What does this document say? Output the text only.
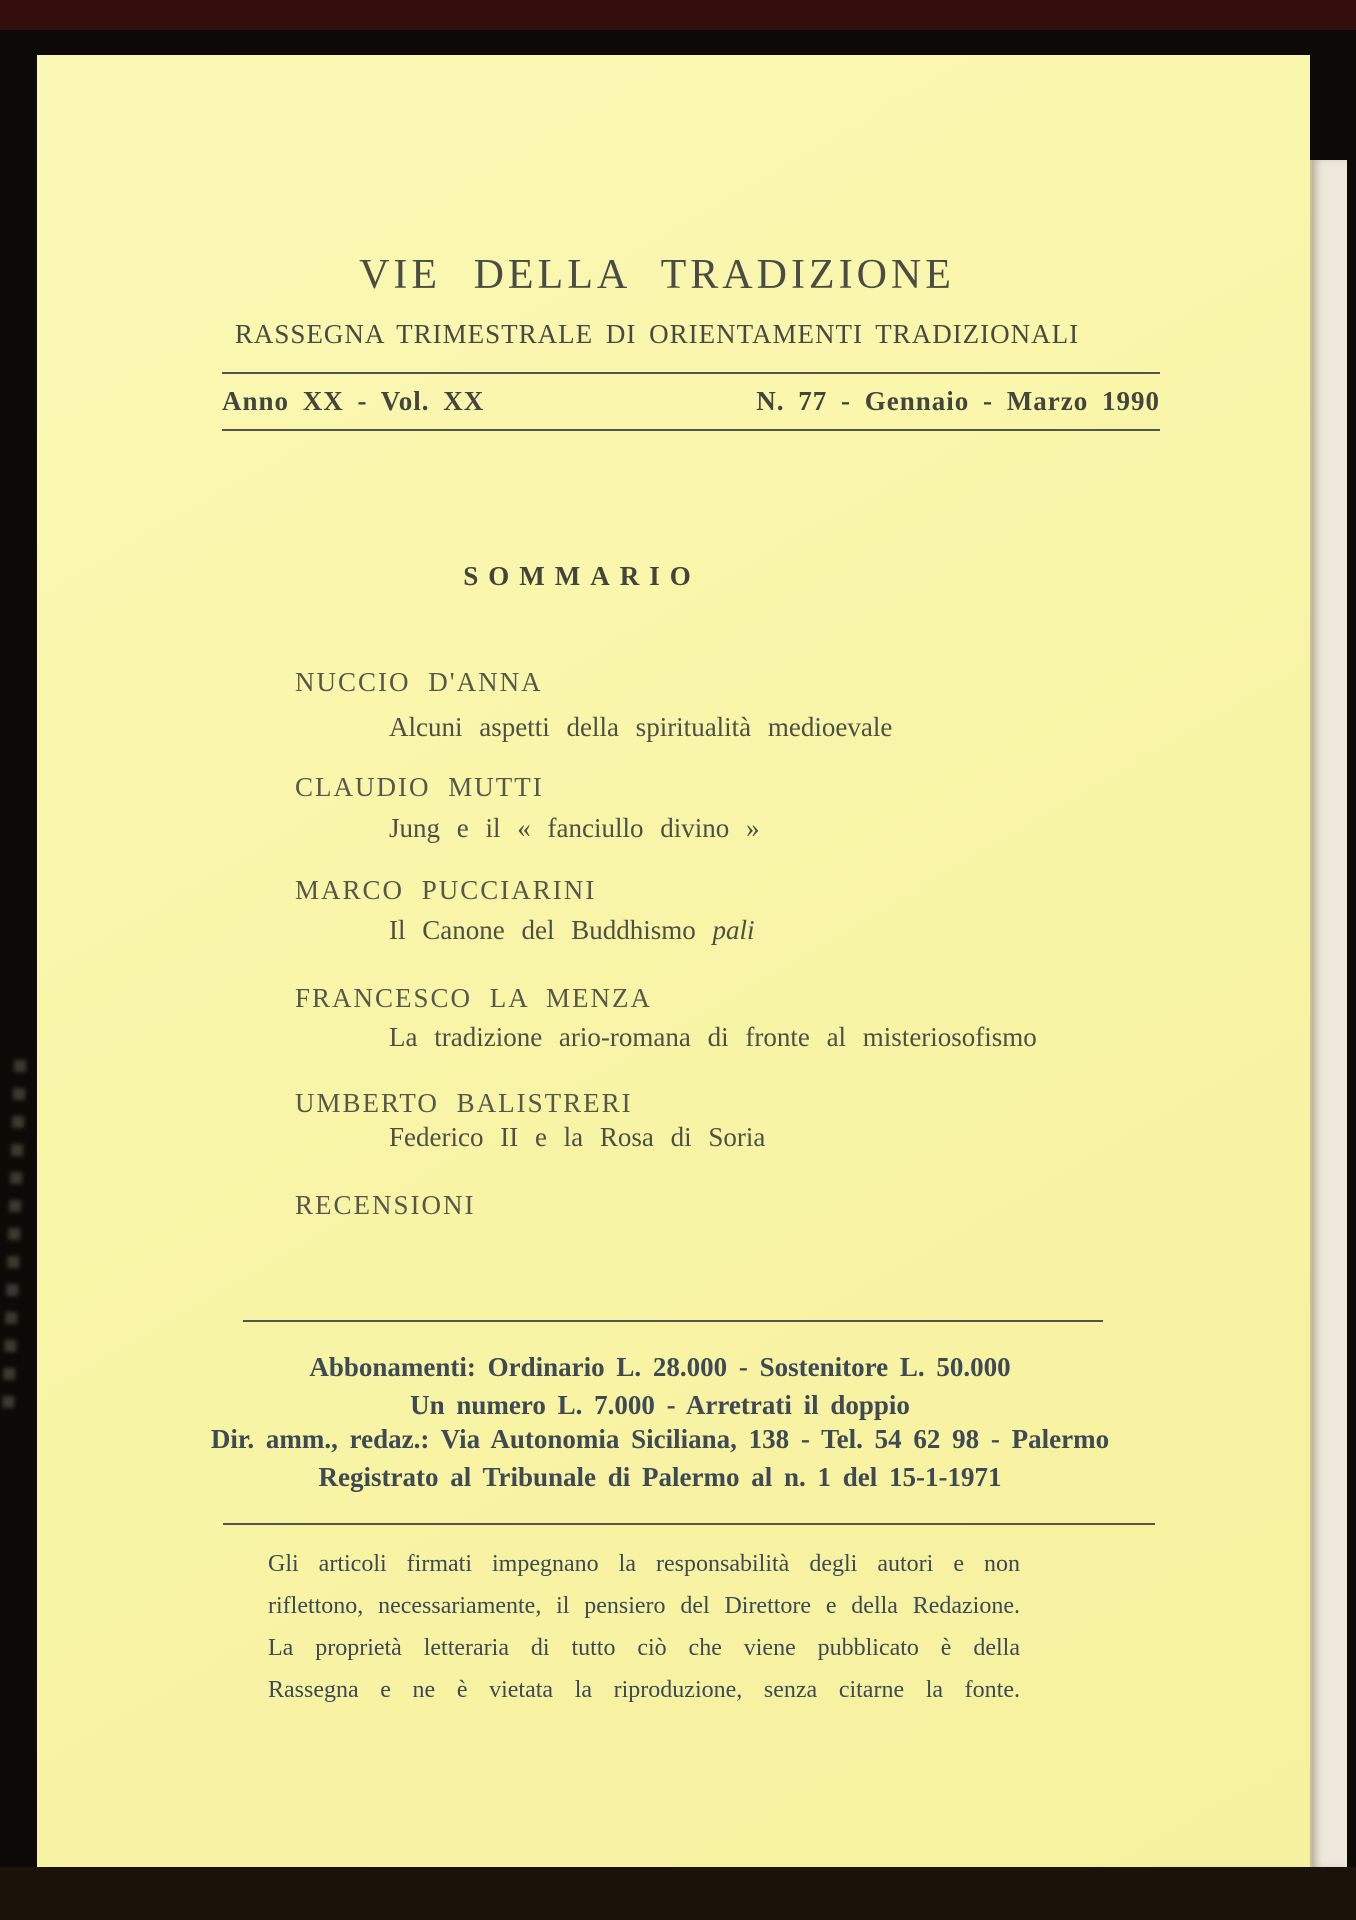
VIE DELLA TRADIZIONE
RASSEGNA TRIMESTRALE DI ORIENTAMENTI TRADIZIONALI
Anno XX - Vol. XX	N. 77 - Gennaio - Marzo 1990
SOMMARIO
NUCCIO D'ANNA
Alcuni aspetti della spiritualità medioevale
CLAUDIO MUTTI
Jung e il « fanciullo divino »
MARCO PUCCIARINI
Il Canone del Buddhismo pali
FRANCESCO LA MENZA
La tradizione ario-romana di fronte al misteriosofismo
UMBERTO BALISTRERI
Federico II e la Rosa di Soria
RECENSIONI
Abbonamenti: Ordinario L. 28.000 - Sostenitore L. 50.000
Un numero L. 7.000 - Arretrati il doppio
Dir. amm., redaz.: Via Autonomia Siciliana, 138 - Tel. 54 62 98 - Palermo
Registrato al Tribunale di Palermo al n. 1 del 15-1-1971
Gli articoli firmati impegnano la responsabilità degli autori e non
riflettono, necessariamente, il pensiero del Direttore e della Redazione.
La proprietà letteraria di tutto ciò che viene pubblicato è della
Rassegna e ne è vietata la riproduzione, senza citarne la fonte.
